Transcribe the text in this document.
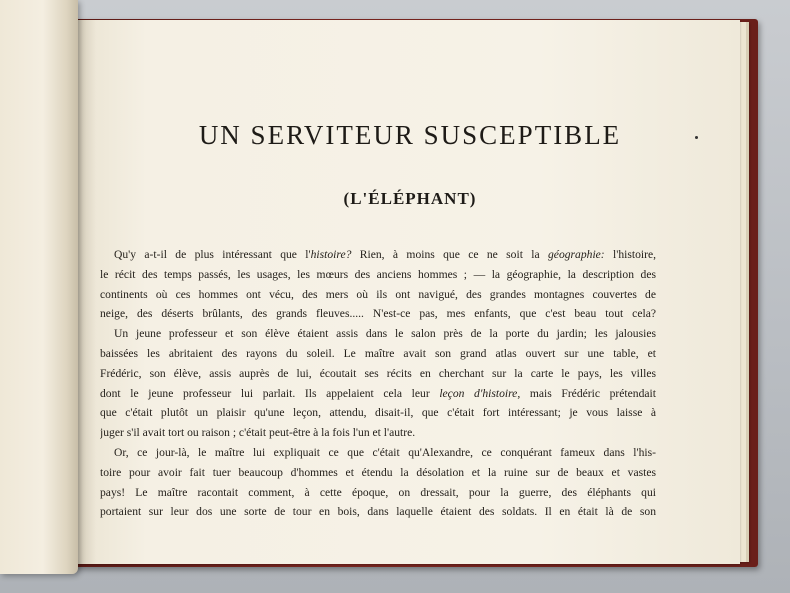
UN SERVITEUR SUSCEPTIBLE
(L'ÉLÉPHANT)
Qu'y a-t-il de plus intéressant que l'histoire? Rien, à moins que ce ne soit la géographie: l'histoire,
le récit des temps passés, les usages, les mœurs des anciens hommes ; — la géographie, la description des
continents où ces hommes ont vécu, des mers où ils ont navigué, des grandes montagnes couvertes de
neige, des déserts brûlants, des grands fleuves..... N'est-ce pas, mes enfants, que c'est beau tout cela?
Un jeune professeur et son élève étaient assis dans le salon près de la porte du jardin; les jalousies
baissées les abritaient des rayons du soleil. Le maître avait son grand atlas ouvert sur une table, et
Frédéric, son élève, assis auprès de lui, écoutait ses récits en cherchant sur la carte le pays, les villes
dont le jeune professeur lui parlait. Ils appelaient cela leur leçon d'histoire, mais Frédéric prétendait
que c'était plutôt un plaisir qu'une leçon, attendu, disait-il, que c'était fort intéressant; je vous laisse à
juger s'il avait tort ou raison ; c'était peut-être à la fois l'un et l'autre.
Or, ce jour-là, le maître lui expliquait ce que c'était qu'Alexandre, ce conquérant fameux dans l'his-
toire pour avoir fait tuer beaucoup d'hommes et étendu la désolation et la ruine sur de beaux et vastes
pays! Le maître racontait comment, à cette époque, on dressait, pour la guerre, des éléphants qui
portaient sur leur dos une sorte de tour en bois, dans laquelle étaient des soldats. Il en était là de son
